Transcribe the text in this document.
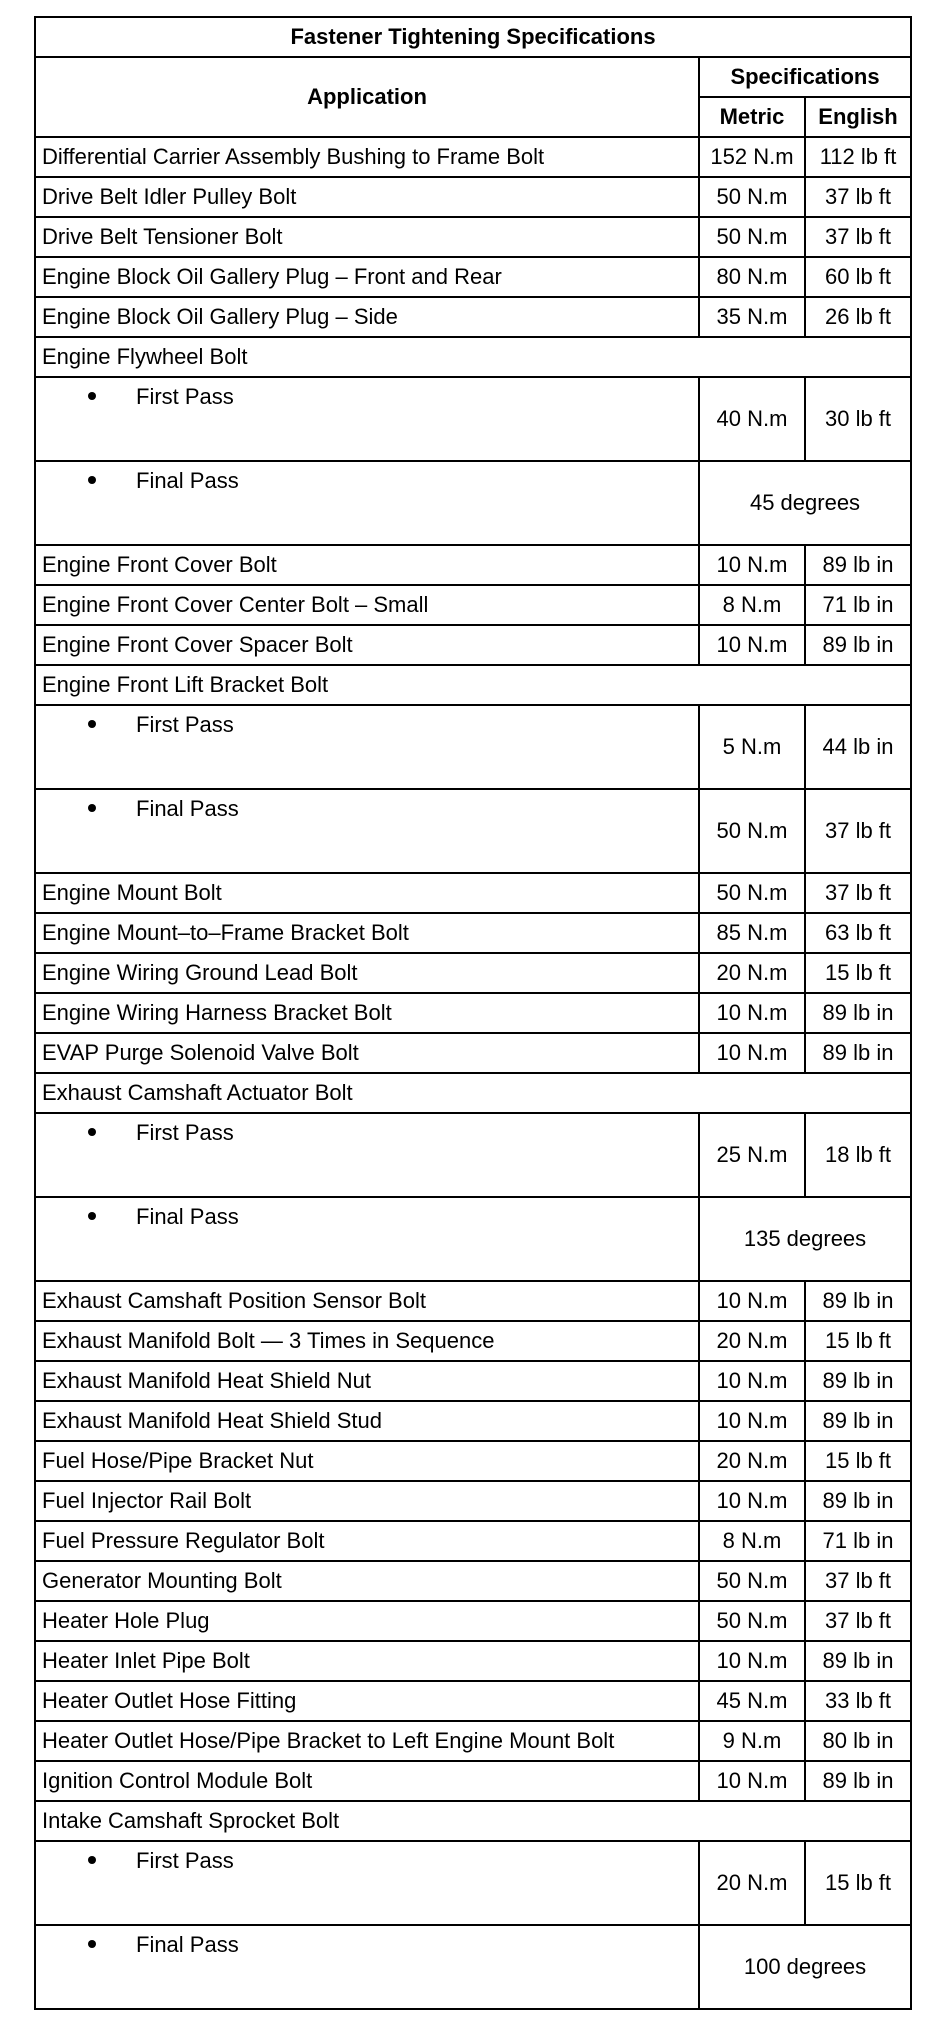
Fastener Tightening Specifications		
Application	Specifications	
	Metric	English
Differential Carrier Assembly Bushing to Frame Bolt	152 N.m	112 lb ft
Drive Belt Idler Pulley Bolt	50 N.m	37 lb ft
Drive Belt Tensioner Bolt	50 N.m	37 lb ft
Engine Block Oil Gallery Plug – Front and Rear	80 N.m	60 lb ft
Engine Block Oil Gallery Plug – Side	35 N.m	26 lb ft
Engine Flywheel Bolt		
First Pass	40 N.m	30 lb ft
Final Pass	45 degrees	
Engine Front Cover Bolt	10 N.m	89 lb in
Engine Front Cover Center Bolt – Small	8 N.m	71 lb in
Engine Front Cover Spacer Bolt	10 N.m	89 lb in
Engine Front Lift Bracket Bolt		
First Pass	5 N.m	44 lb in
Final Pass	50 N.m	37 lb ft
Engine Mount Bolt	50 N.m	37 lb ft
Engine Mount–to–Frame Bracket Bolt	85 N.m	63 lb ft
Engine Wiring Ground Lead Bolt	20 N.m	15 lb ft
Engine Wiring Harness Bracket Bolt	10 N.m	89 lb in
EVAP Purge Solenoid Valve Bolt	10 N.m	89 lb in
Exhaust Camshaft Actuator Bolt		
First Pass	25 N.m	18 lb ft
Final Pass	135 degrees	
Exhaust Camshaft Position Sensor Bolt	10 N.m	89 lb in
Exhaust Manifold Bolt — 3 Times in Sequence	20 N.m	15 lb ft
Exhaust Manifold Heat Shield Nut	10 N.m	89 lb in
Exhaust Manifold Heat Shield Stud	10 N.m	89 lb in
Fuel Hose/Pipe Bracket Nut	20 N.m	15 lb ft
Fuel Injector Rail Bolt	10 N.m	89 lb in
Fuel Pressure Regulator Bolt	8 N.m	71 lb in
Generator Mounting Bolt	50 N.m	37 lb ft
Heater Hole Plug	50 N.m	37 lb ft
Heater Inlet Pipe Bolt	10 N.m	89 lb in
Heater Outlet Hose Fitting	45 N.m	33 lb ft
Heater Outlet Hose/Pipe Bracket to Left Engine Mount Bolt	9 N.m	80 lb in
Ignition Control Module Bolt	10 N.m	89 lb in
Intake Camshaft Sprocket Bolt		
First Pass	20 N.m	15 lb ft
Final Pass	100 degrees	
